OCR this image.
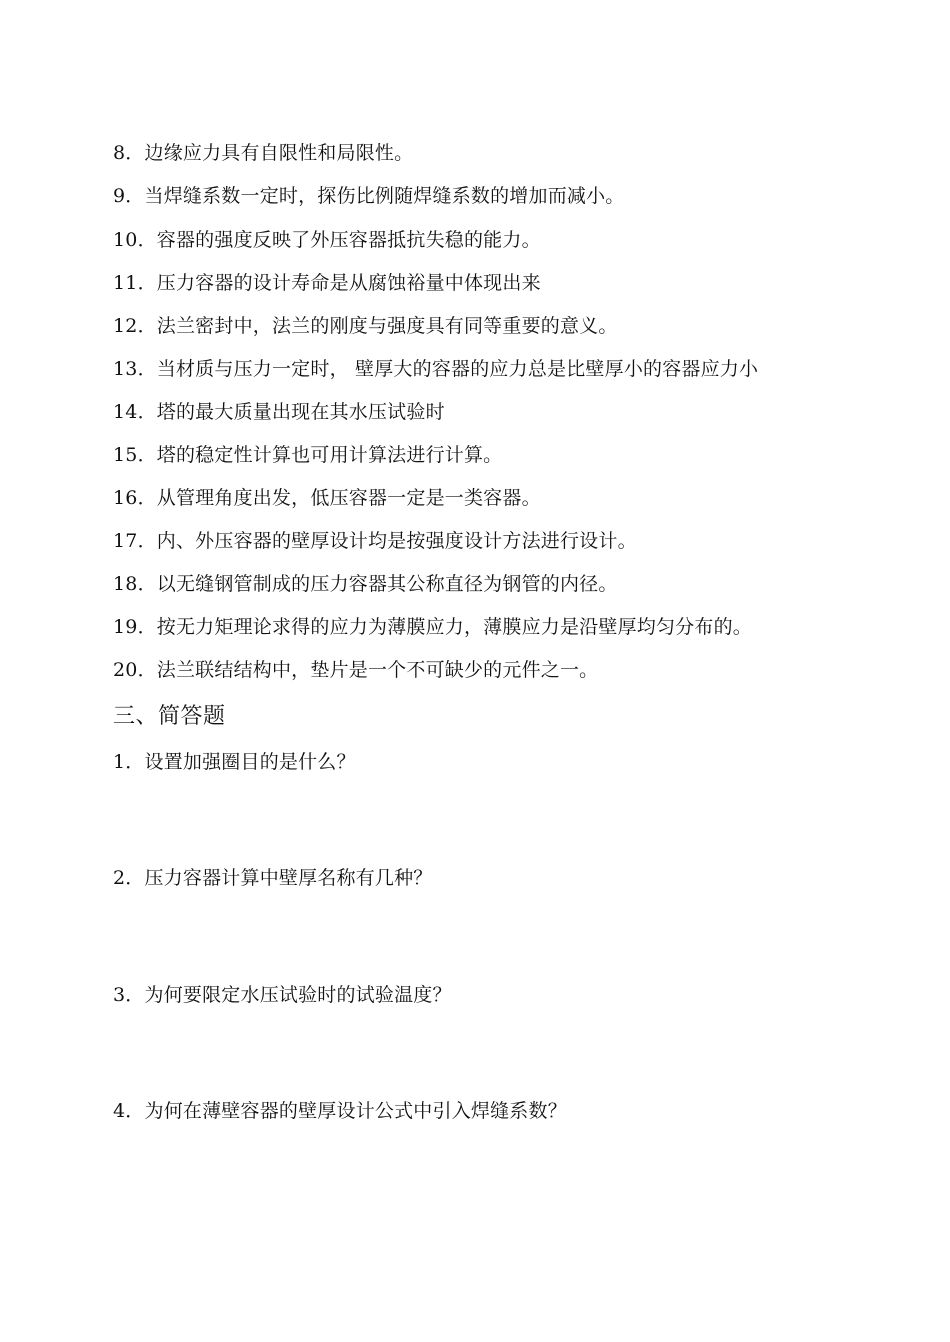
8．边缘应力具有自限性和局限性。
9．当焊缝系数一定时，探伤比例随焊缝系数的增加而减小。
10．容器的强度反映了外压容器抵抗失稳的能力。
11．压力容器的设计寿命是从腐蚀裕量中体现出来
12．法兰密封中，法兰的刚度与强度具有同等重要的意义。
13．当材质与压力一定时， 壁厚大的容器的应力总是比壁厚小的容器应力小
14．塔的最大质量出现在其水压试验时
15．塔的稳定性计算也可用计算法进行计算。
16．从管理角度出发，低压容器一定是一类容器。
17．内、外压容器的壁厚设计均是按强度设计方法进行设计。
18．以无缝钢管制成的压力容器其公称直径为钢管的内径。
19．按无力矩理论求得的应力为薄膜应力，薄膜应力是沿壁厚均匀分布的。
20．法兰联结结构中，垫片是一个不可缺少的元件之一。
三、简答题
1．设置加强圈目的是什么？
2．压力容器计算中壁厚名称有几种？
3．为何要限定水压试验时的试验温度？
4．为何在薄壁容器的壁厚设计公式中引入焊缝系数？
